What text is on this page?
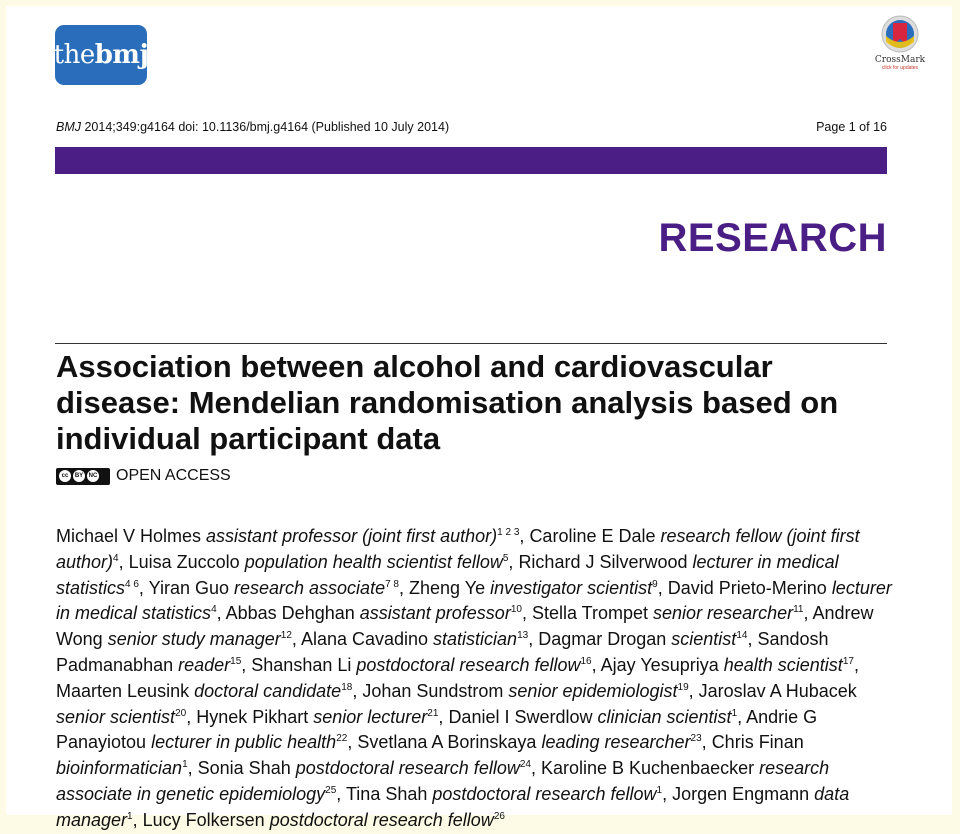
the bmj	CrossMark
click for updates
BMJ 2014;349:g4164 doi: 10.1136/bmj.g4164 (Published 10 July 2014)	Page 1 of 16
RESEARCH
Association between alcohol and cardiovascular disease: Mendelian randomisation analysis based on individual participant data
cc	BY NC OPEN ACCESS
Michael V Holmes assistant professor (joint first author)$^{1 2 3}$, Caroline E Dale research fellow (joint first author)$^4$, Luisa Zuccolo population health scientist fellow$^5$, Richard J Silverwood lecturer in medical statistics$^{4 6}$, Yiran Guo research associate$^{7 8}$, Zheng Ye investigator scientist$^9$, David Prieto-Merino lecturer in medical statistics$^4$, Abbas Dehghan assistant professor$^{10}$, Stella Trompet senior researcher$^{11}$, Andrew Wong senior study manager$^{12}$, Alana Cavadino statistician$^{13}$, Dagmar Drogan scientist$^{14}$, Sandosh Padmanabhan reader$^{15}$, Shanshan Li postdoctoral research fellow$^{16}$, Ajay Yesupriya health scientist$^{17}$, Maarten Leusink doctoral candidate$^{18}$, Johan Sundstrom senior epidemiologist$^{19}$, Jaroslav A Hubacek senior scientist$^{20}$, Hynek Pikhart senior lecturer$^{21}$, Daniel I Swerdlow clinician scientist$^1$, Andrie G Panayiotou lecturer in public health$^{22}$, Svetlana A Borinskaya leading researcher$^{23}$, Chris Finan bioinformatician$^1$, Sonia Shah postdoctoral research fellow$^{24}$, Karoline B Kuchenbaecker research associate in genetic epidemiology$^{25}$, Tina Shah postdoctoral research fellow$^1$, Jorgen Engmann data manager$^1$, Lucy Folkersen postdoctoral research fellow$^{26}$
